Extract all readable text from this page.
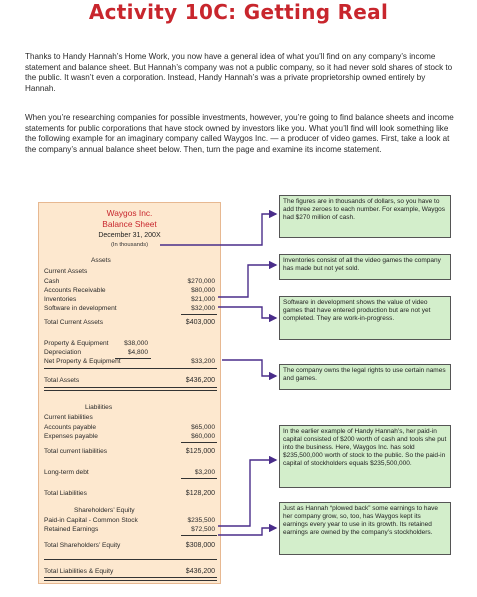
Activity 10C: Getting Real
Thanks to Handy Hannah’s Home Work, you now have a general idea of what you’ll find on any company’s income statement and balance sheet. But Hannah’s company was not a public company, so it had never sold shares of stock to the public. It wasn’t even a corporation. Instead, Handy Hannah’s was a private proprietorship owned entirely by Hannah.
When you’re researching companies for possible investments, however, you’re going to find balance sheets and income statements for public corporations that have stock owned by investors like you. What you’ll find will look something like the following example for an imaginary company called Waygos Inc. — a producer of video games. First, take a look at the company’s annual balance sheet below. Then, turn the page and examine its income statement.
Waygos Inc.
Balance Sheet
December 31, 200X
(In thousands)
Assets
Current Assets
Cash	$270,000
Accounts Receivable	$80,000
Inventories	$21,000
Software in development	$32,000
Total Current Assets	$403,000
Property & Equipment $38,000
Depreciation	$4,800
Net Property & Equipment	$33,200
Total Assets	$436,200
Liabilities
Current liabilities
Accounts payable	$65,000
Expenses payable	$60,000
Total current liabilities	$125,000
Long-term debt	$3,200
Total Liabilities	$128,200
Shareholders’ Equity
Paid-in Capital - Common Stock	$235,500
Retained Earnings	$72,500
Total Shareholders’ Equity	$308,000
Total Liabilities & Equity	$436,200
The figures are in thousands of dollars, so you have to add three zeroes to each number. For example, Waygos had $270 million of cash.
Inventories consist of all the video games the company has made but not yet sold.
Software in development shows the value of video games that have entered production but are not yet completed. They are work-in-progress.
The company owns the legal rights to use certain names and games.
In the earlier example of Handy Hannah’s, her paid-in capital consisted of $200 worth of cash and tools she put into the business. Here, Waygos Inc. has sold $235,500,000 worth of stock to the public. So the paid-in capital of stockholders equals $235,500,000.
Just as Hannah “plowed back” some earnings to have her company grow, so, too, has Waygos kept its earnings every year to use in its growth. Its retained earnings are owned by the company’s stockholders.
